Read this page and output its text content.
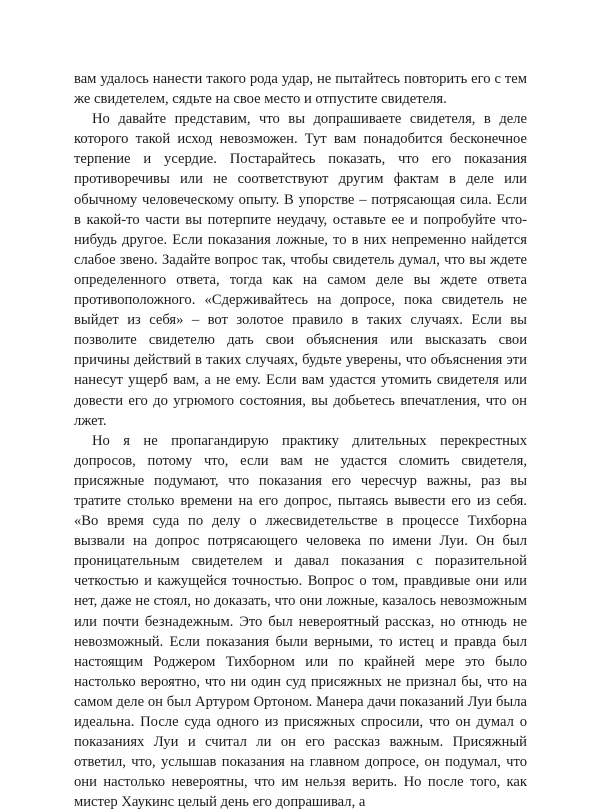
вам удалось нанести такого рода удар, не пытайтесь повторить его с тем же свидетелем, сядьте на свое место и отпустите свидетеля.

Но давайте представим, что вы допрашиваете свидетеля, в деле которого такой исход невозможен. Тут вам понадобится бесконечное терпение и усердие. Постарайтесь показать, что его показания противоречивы или не соответствуют другим фактам в деле или обычному человеческому опыту. В упорстве – потрясающая сила. Если в какой-то части вы потерпите неудачу, оставьте ее и попробуйте что-нибудь другое. Если показания ложные, то в них непременно найдется слабое звено. Задайте вопрос так, чтобы свидетель думал, что вы ждете определенного ответа, тогда как на самом деле вы ждете ответа противоположного. «Сдерживайтесь на допросе, пока свидетель не выйдет из себя» – вот золотое правило в таких случаях. Если вы позволите свидетелю дать свои объяснения или высказать свои причины действий в таких случаях, будьте уверены, что объяснения эти нанесут ущерб вам, а не ему. Если вам удастся утомить свидетеля или довести его до угрюмого состояния, вы добьетесь впечатления, что он лжет.

Но я не пропагандирую практику длительных перекрестных допросов, потому что, если вам не удастся сломить свидетеля, присяжные подумают, что показания его чересчур важны, раз вы тратите столько времени на его допрос, пытаясь вывести его из себя. «Во время суда по делу о лжесвидетельстве в процессе Тихборна вызвали на допрос потрясающего человека по имени Луи. Он был проницательным свидетелем и давал показания с поразительной четкостью и кажущейся точностью. Вопрос о том, правдивые они или нет, даже не стоял, но доказать, что они ложные, казалось невозможным или почти безнадежным. Это был невероятный рассказ, но отнюдь не невозможный. Если показания были верными, то истец и правда был настоящим Роджером Тихборном или по крайней мере это было настолько вероятно, что ни один суд присяжных не признал бы, что на самом деле он был Артуром Ортоном. Манера дачи показаний Луи была идеальна. После суда одного из присяжных спросили, что он думал о показаниях Луи и считал ли он его рассказ важным. Присяжный ответил, что, услышав показания на главном допросе, он подумал, что они настолько невероятны, что им нельзя верить. Но после того, как мистер Хаукинс целый день его допрашивал, а
